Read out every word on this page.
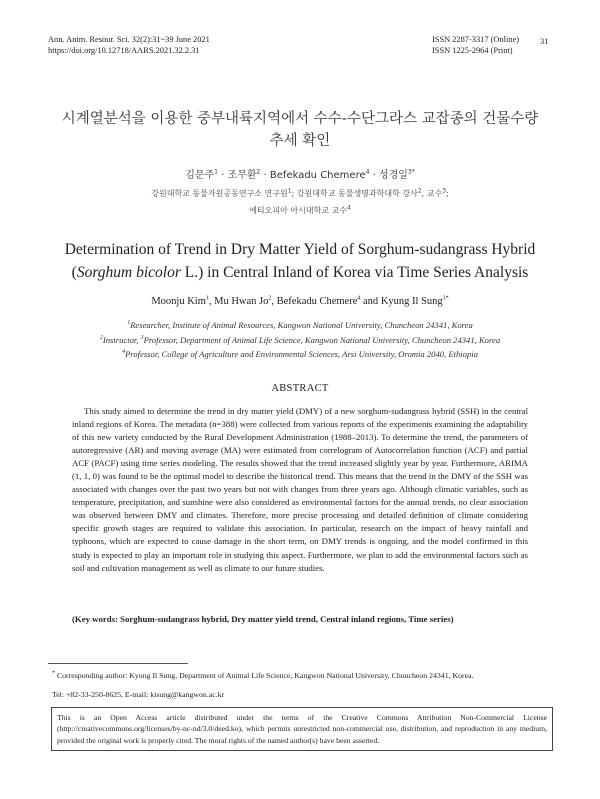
Ann. Anim. Resour. Sci. 32(2):31~39 June 2021
https://doi.org/10.12718/AARS.2021.32.2.31
ISSN 2287-3317 (Online)
ISSN 1225-2964 (Print)
31
시계열분석을 이용한 중부내륙지역에서 수수-수단그라스 교잡종의 건물수량
추세 확인
김문주$^1$ · 조무환$^2$ · Befekadu Chemere$^4$ · 성경일$^{3*}$
강원대학교 동물자원공동연구소 연구원$^1$; 강원대학교 동물생명과학대학 강사$^2$, 교수$^3$;
에티오피아 아시대학교 교수$^4$
Determination of Trend in Dry Matter Yield of Sorghum-sudangrass Hybrid
(Sorghum bicolor L.) in Central Inland of Korea via Time Series Analysis
Moonju Kim$^1$, Mu Hwan Jo$^2$, Befekadu Chemere$^4$ and Kyung Il Sung$^{3*}$
$^1$Researcher, Institute of Animal Resources, Kangwon National University, Chuncheon 24341, Korea
$^2$Instructor, $^3$Professor, Department of Animal Life Science, Kangwon National University, Chuncheon 24341, Korea
$^4$Professor, College of Agriculture and Environmental Sciences, Arsi University, Oromia 2040, Ethiopia
ABSTRACT

This study aimed to determine the trend in dry matter yield (DMY) of a new sorghum-sudangrass hybrid (SSH) in the central inland regions of Korea. The metadata (n=388) were collected from various reports of the experiments examining the adaptability of this new variety conducted by the Rural Development Administration (1988–2013). To determine the trend, the parameters of autoregressive (AR) and moving average (MA) were estimated from correlogram of Autocorrelation function (ACF) and partial ACF (PACF) using time series modeling. The results showed that the trend increased slightly year by year. Furthermore, ARIMA (1, 1, 0) was found to be the optimal model to describe the historical trend. This means that the trend in the DMY of the SSH was associated with changes over the past two years but not with changes from three years ago. Although climatic variables, such as temperature, precipitation, and sunshine were also considered as environmental factors for the annual trends, no clear association was observed between DMY and climates. Therefore, more precise processing and detailed definition of climate considering specific growth stages are required to validate this association. In particular, research on the impact of heavy rainfall and typhoons, which are expected to cause damage in the short term, on DMY trends is ongoing, and the model confirmed in this study is expected to play an important role in studying this aspect. Furthermore, we plan to add the environmental factors such as soil and cultivation management as well as climate to our future studies.

(Key words: Sorghum-sudangrass hybrid, Dry matter yield trend, Central inland regions, Time series)
* Corresponding author: Kyung Il Sung, Department of Animal Life Science, Kangwon National University, Chuncheon 24341, Korea.
Tel: +82-33-250-8625, E-mail: kisung@kangwon.ac.kr
This is an Open Access article distributed under the terms of the Creative Commons Attribution Non-Commercial License (http://creativecommons.org/licenses/by-nc-nd/3.0/deed.ko), which permits unrestricted non-commercial use, distribution, and reproduction in any medium, provided the original work is properly cited. The moral rights of the named author(s) have been asserted.
